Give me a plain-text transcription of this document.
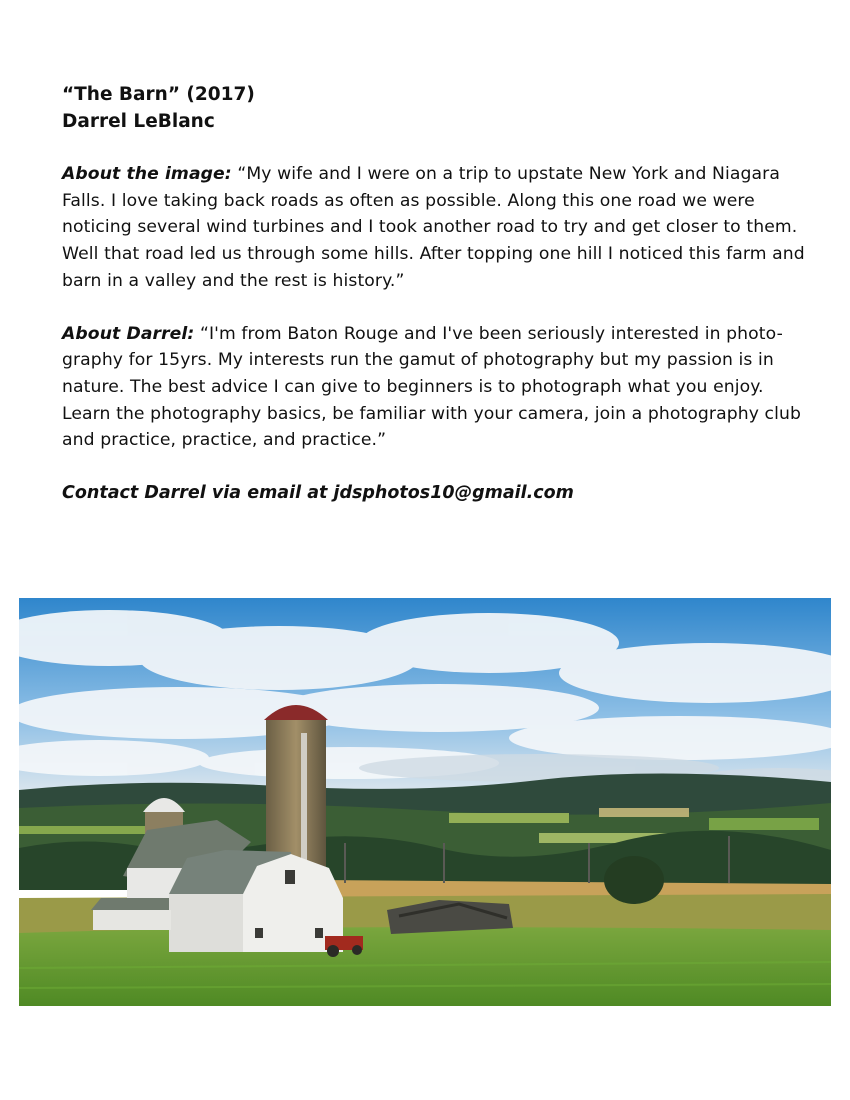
“The Barn” (2017)

Darrel LeBlanc

About the image: “My wife and I were on a trip to upstate New York and Niagara Falls. I love taking back roads as often as possible. Along this one road we were noticing several wind turbines and I took another road to try and get closer to them. Well that road led us through some hills. After topping one hill I noticed this farm and barn in a valley and the rest is history.”

About Darrel: “I'm from Baton Rouge and I've been seriously interested in photo-graphy for 15yrs. My interests run the gamut of photography but my passion is in nature. The best advice I can give to beginners is to photograph what you enjoy. Learn the photography basics, be familiar with your camera, join a photography club and practice, practice, and practice.”

Contact Darrel via email at jdsphotos10@gmail.com
